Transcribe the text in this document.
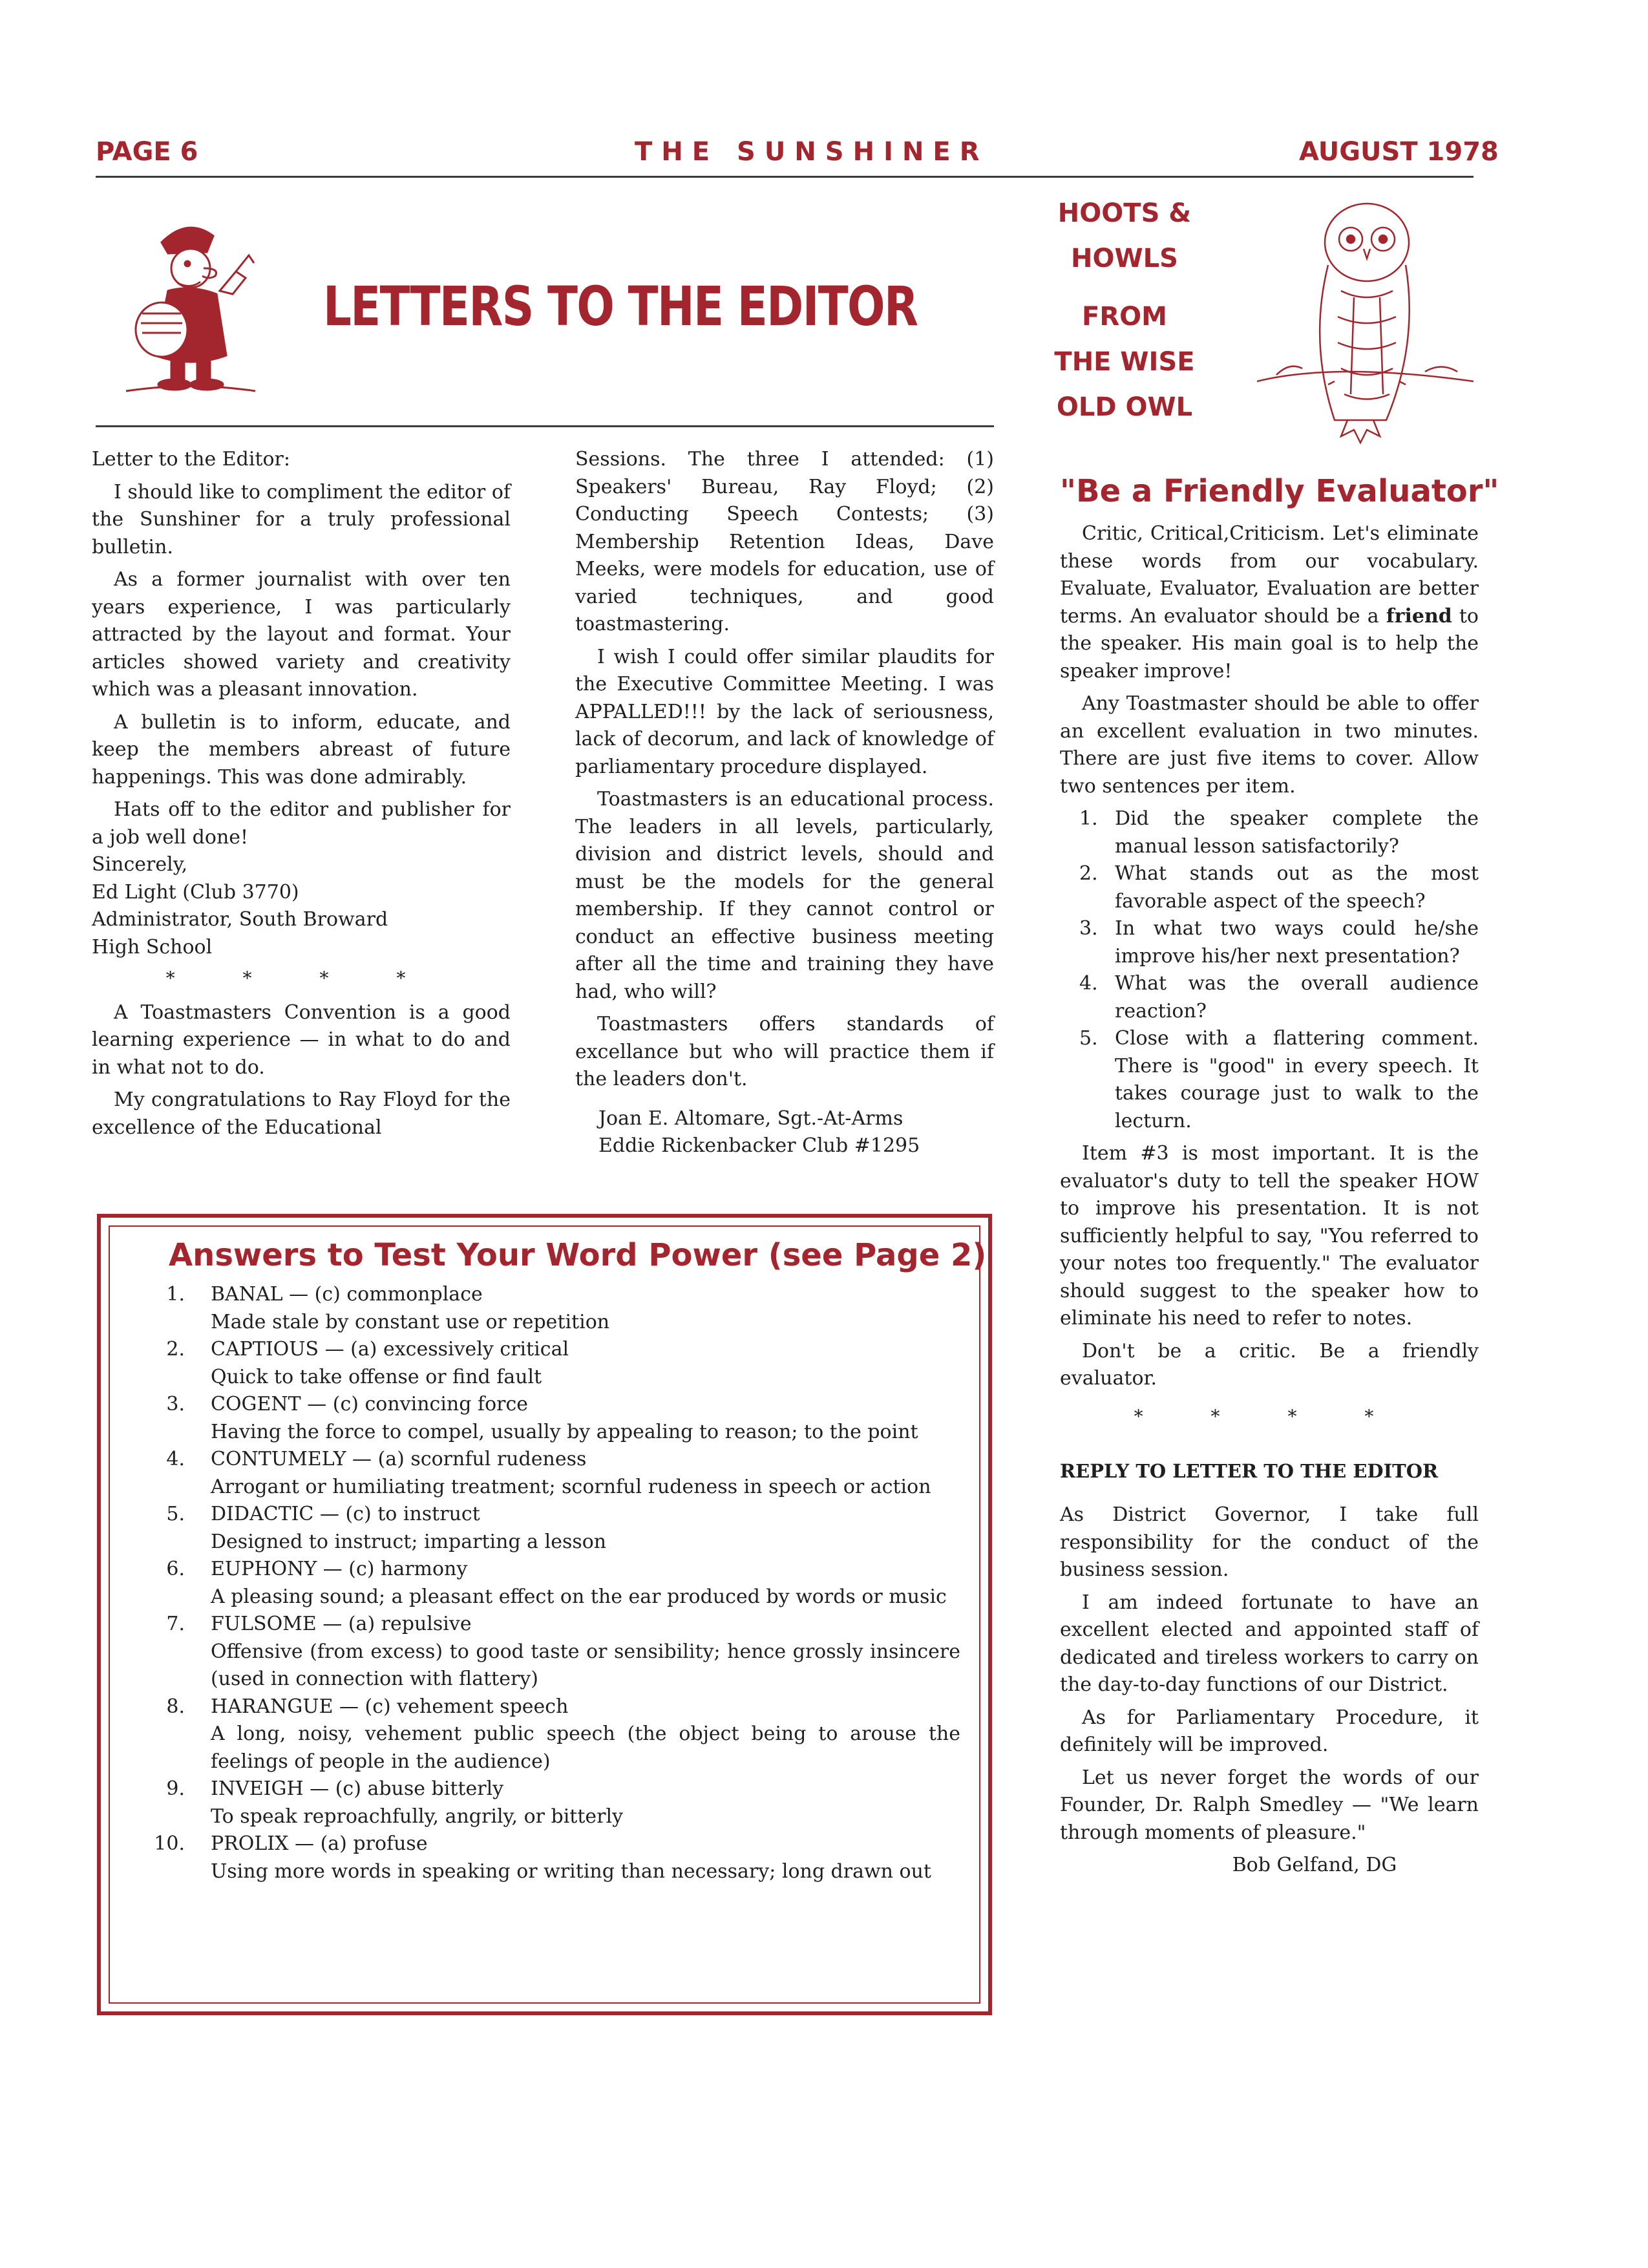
PAGE 6	THE SUNSHINER	AUGUST 1978
LETTERS TO THE EDITOR
HOOTS &
HOWLS
FROM
THE WISE
OLD OWL

Letter to the Editor:

I should like to compliment the editor of the Sunshiner for a truly professional bulletin.

As a former journalist with over ten years experience, I was particularly attracted by the layout and format. Your articles showed variety and creativity which was a pleasant innovation.

A bulletin is to inform, educate, and keep the members abreast of future happenings. This was done admirably.

Hats off to the editor and publisher for a job well done!

Sincerely,
Ed Light (Club 3770)
Administrator, South Broward
High School
* * * *

A Toastmasters Convention is a good learning experience — in what to do and in what not to do.

My congratulations to Ray Floyd for the excellence of the Educational

Sessions. The three I attended: (1) Speakers' Bureau, Ray Floyd; (2) Conducting Speech Contests; (3) Membership Retention Ideas, Dave Meeks, were models for education, use of varied techniques, and good toastmastering.

I wish I could offer similar plaudits for the Executive Committee Meeting. I was APPALLED!!! by the lack of seriousness, lack of decorum, and lack of knowledge of parliamentary procedure displayed.

Toastmasters is an educational process. The leaders in all levels, particularly, division and district levels, should and must be the models for the general membership. If they cannot control or conduct an effective business meeting after all the time and training they have had, who will?

Toastmasters offers standards of excellance but who will practice them if the leaders don't.

Joan E. Altomare, Sgt.-At-Arms
Eddie Rickenbacker Club #1295
Answers to Test Your Word Power (see Page 2)
1. BANAL — (c) commonplace
Made stale by constant use or repetition
2. CAPTIOUS — (a) excessively critical
Quick to take offense or find fault
3. COGENT — (c) convincing force
Having the force to compel, usually by appealing to reason; to the point
4. CONTUMELY — (a) scornful rudeness
Arrogant or humiliating treatment; scornful rudeness in speech or action
5. DIDACTIC — (c) to instruct
Designed to instruct; imparting a lesson
6. EUPHONY — (c) harmony
A pleasing sound; a pleasant effect on the ear produced by words or music
7. FULSOME — (a) repulsive
Offensive (from excess) to good taste or sensibility; hence grossly insincere (used in connection with flattery)
8. HARANGUE — (c) vehement speech
A long, noisy, vehement public speech (the object being to arouse the feelings of people in the audience)
9. INVEIGH — (c) abuse bitterly
To speak reproachfully, angrily, or bitterly
10. PROLIX — (a) profuse
Using more words in speaking or writing than necessary; long drawn out
"Be a Friendly Evaluator"

Critic, Critical,Criticism. Let's eliminate these words from our vocabulary. Evaluate, Evaluator, Evaluation are better terms. An evaluator should be a friend to the speaker. His main goal is to help the speaker improve!

Any Toastmaster should be able to offer an excellent evaluation in two minutes. There are just five items to cover. Allow two sentences per item.

1. Did the speaker complete the manual lesson satisfactorily?
2. What stands out as the most favorable aspect of the speech?
3. In what two ways could he/she improve his/her next presentation?
4. What was the overall audience reaction?
5. Close with a flattering comment. There is "good" in every speech. It takes courage just to walk to the lecturn.

Item #3 is most important. It is the evaluator's duty to tell the speaker HOW to improve his presentation. It is not sufficiently helpful to say, "You referred to your notes too frequently." The evaluator should suggest to the speaker how to eliminate his need to refer to notes.

Don't be a critic. Be a friendly evaluator.

* * * *
REPLY TO LETTER TO THE EDITOR

As District Governor, I take full responsibility for the conduct of the business session.

I am indeed fortunate to have an excellent elected and appointed staff of dedicated and tireless workers to carry on the day-to-day functions of our District.

As for Parliamentary Procedure, it definitely will be improved.

Let us never forget the words of our Founder, Dr. Ralph Smedley — "We learn through moments of pleasure."

Bob Gelfand, DG
